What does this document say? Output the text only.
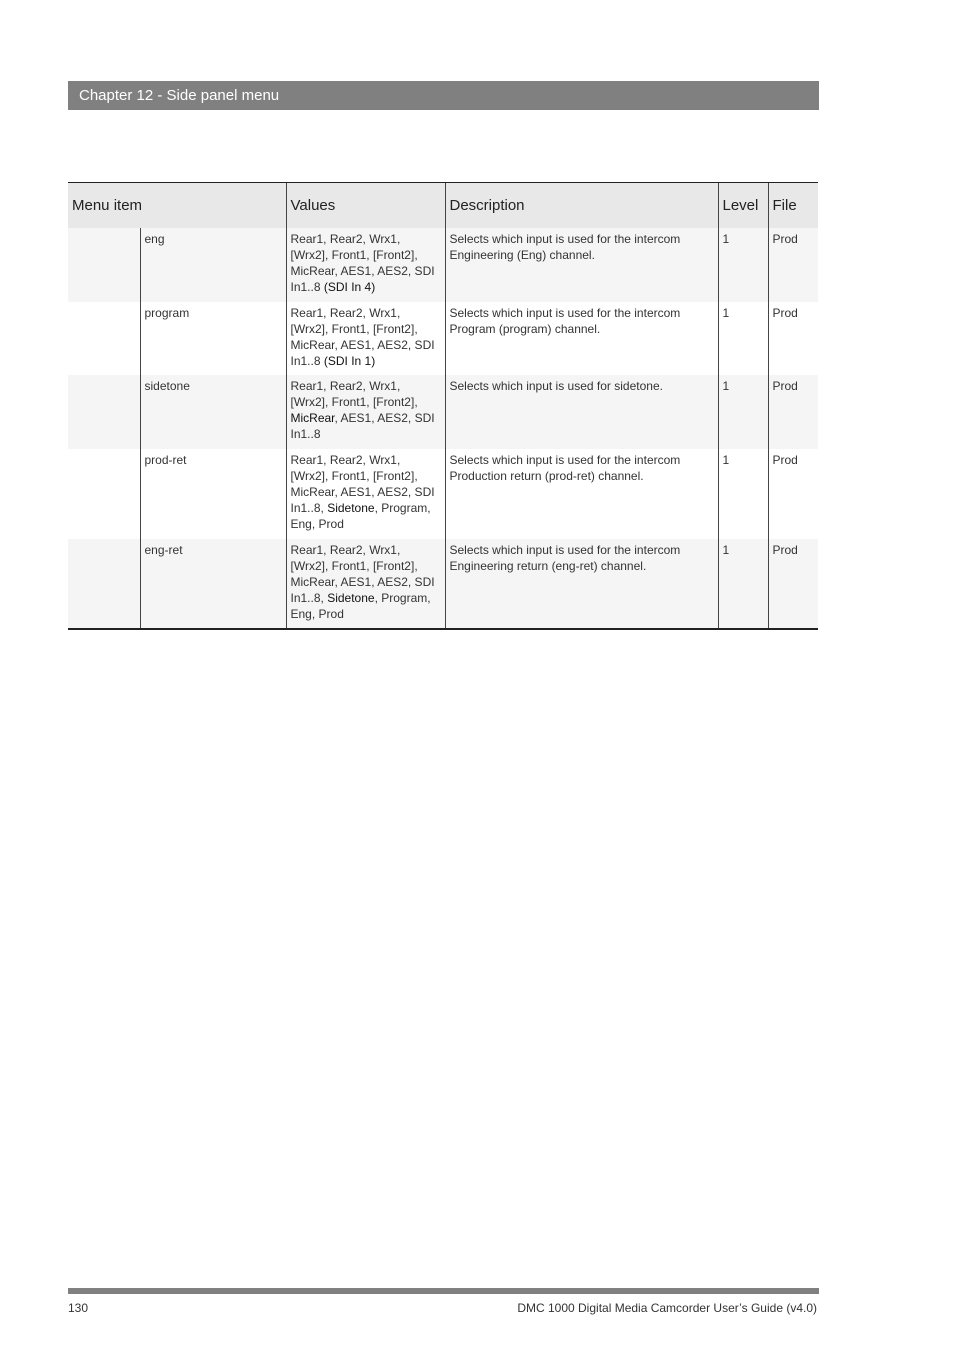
Chapter 12 - Side panel menu
Menu item		Values	Description	Level	File
	eng	Rear1, Rear2, Wrx1, [Wrx2], Front1, [Front2], MicRear, AES1, AES2, SDI In1..8 (SDI In 4)	Selects which input is used for the intercom Engineering (Eng) channel.	1	Prod
	program	Rear1, Rear2, Wrx1, [Wrx2], Front1, [Front2], MicRear, AES1, AES2, SDI In1..8 (SDI In 1)	Selects which input is used for the intercom Program (program) channel.	1	Prod
	sidetone	Rear1, Rear2, Wrx1, [Wrx2], Front1, [Front2], MicRear, AES1, AES2, SDI In1..8	Selects which input is used for sidetone.	1	Prod
	prod-ret	Rear1, Rear2, Wrx1, [Wrx2], Front1, [Front2], MicRear, AES1, AES2, SDI In1..8, Sidetone, Program, Eng, Prod	Selects which input is used for the intercom Production return (prod-ret) channel.	1	Prod
	eng-ret	Rear1, Rear2, Wrx1, [Wrx2], Front1, [Front2], MicRear, AES1, AES2, SDI In1..8, Sidetone, Program, Eng, Prod	Selects which input is used for the intercom Engineering return (eng-ret) channel.	1	Prod
130	DMC 1000 Digital Media Camcorder User’s Guide (v4.0)
